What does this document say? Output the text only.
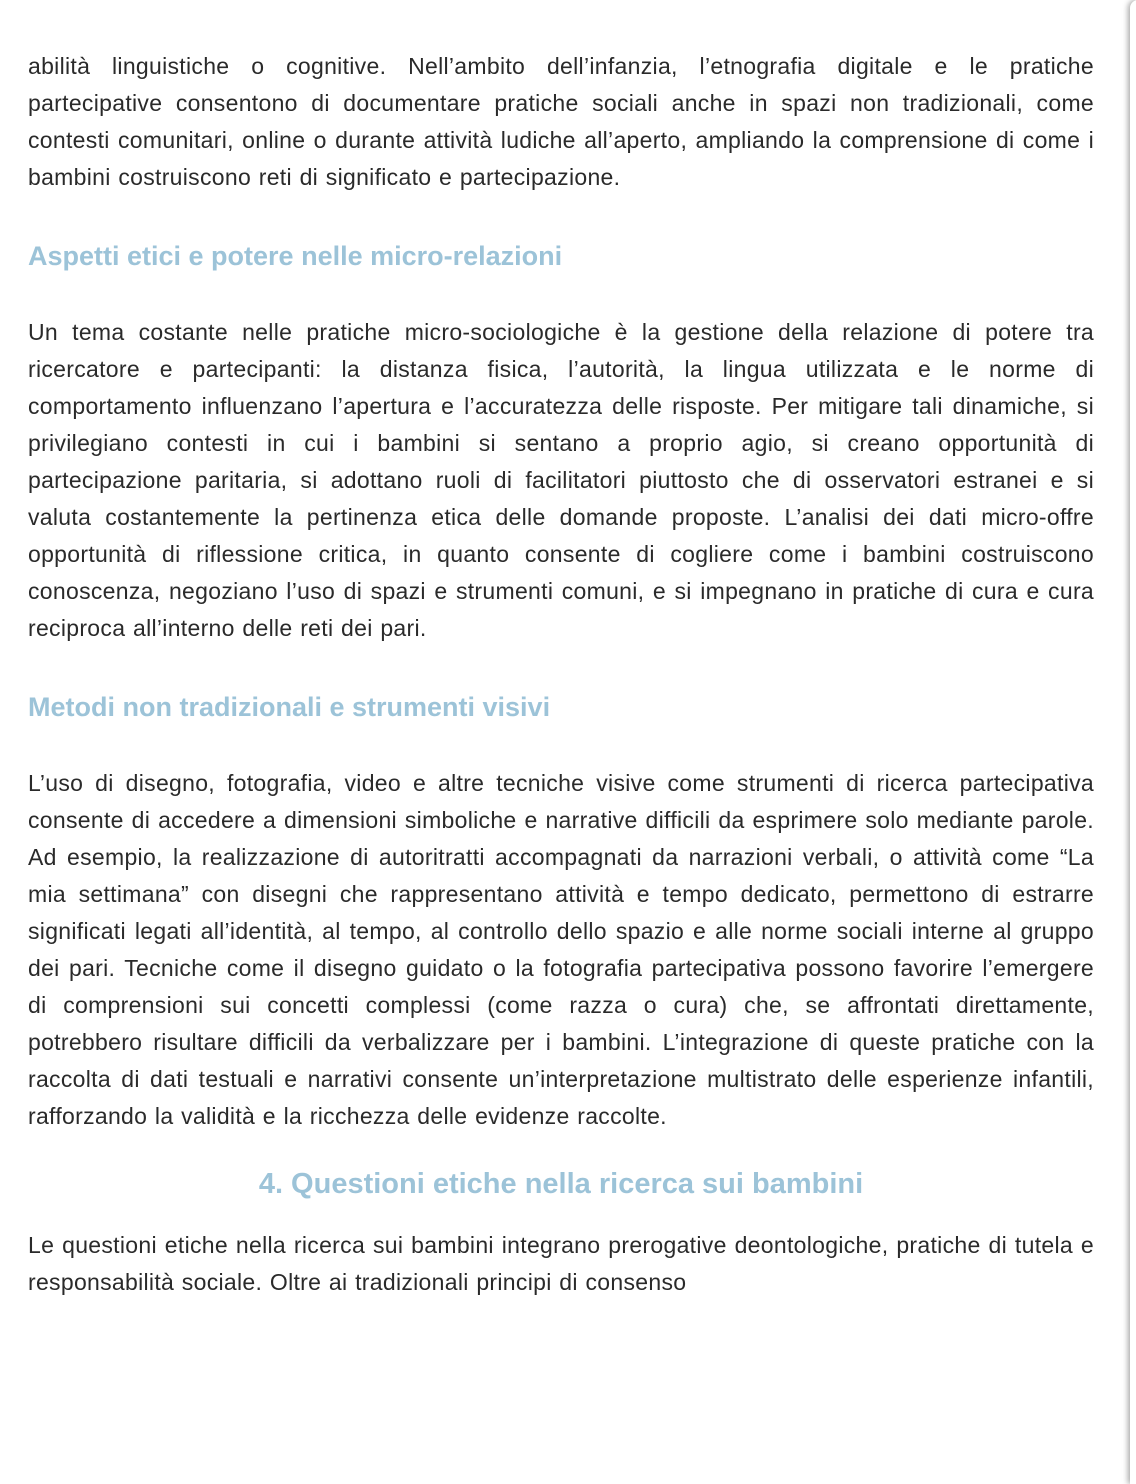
abilità linguistiche o cognitive. Nell’ambito dell’infanzia, l’etnografia digitale e le pratiche partecipative consentono di documentare pratiche sociali anche in spazi non tradizionali, come contesti comunitari, online o durante attività ludiche all’aperto, ampliando la comprensione di come i bambini costruiscono reti di significato e partecipazione.

Aspetti etici e potere nelle micro-relazioni

Un tema costante nelle pratiche micro-sociologiche è la gestione della relazione di potere tra ricercatore e partecipanti: la distanza fisica, l’autorità, la lingua utilizzata e le norme di comportamento influenzano l’apertura e l’accuratezza delle risposte. Per mitigare tali dinamiche, si privilegiano contesti in cui i bambini si sentano a proprio agio, si creano opportunità di partecipazione paritaria, si adottano ruoli di facilitatori piuttosto che di osservatori estranei e si valuta costantemente la pertinenza etica delle domande proposte. L’analisi dei dati micro-offre opportunità di riflessione critica, in quanto consente di cogliere come i bambini costruiscono conoscenza, negoziano l’uso di spazi e strumenti comuni, e si impegnano in pratiche di cura e cura reciproca all’interno delle reti dei pari.

Metodi non tradizionali e strumenti visivi

L’uso di disegno, fotografia, video e altre tecniche visive come strumenti di ricerca partecipativa consente di accedere a dimensioni simboliche e narrative difficili da esprimere solo mediante parole. Ad esempio, la realizzazione di autoritratti accompagnati da narrazioni verbali, o attività come “La mia settimana” con disegni che rappresentano attività e tempo dedicato, permettono di estrarre significati legati all’identità, al tempo, al controllo dello spazio e alle norme sociali interne al gruppo dei pari. Tecniche come il disegno guidato o la fotografia partecipativa possono favorire l’emergere di comprensioni sui concetti complessi (come razza o cura) che, se affrontati direttamente, potrebbero risultare difficili da verbalizzare per i bambini. L’integrazione di queste pratiche con la raccolta di dati testuali e narrativi consente un’interpretazione multistrato delle esperienze infantili, rafforzando la validità e la ricchezza delle evidenze raccolte.

4. Questioni etiche nella ricerca sui bambini

Le questioni etiche nella ricerca sui bambini integrano prerogative deontologiche, pratiche di tutela e responsabilità sociale. Oltre ai tradizionali principi di consenso
